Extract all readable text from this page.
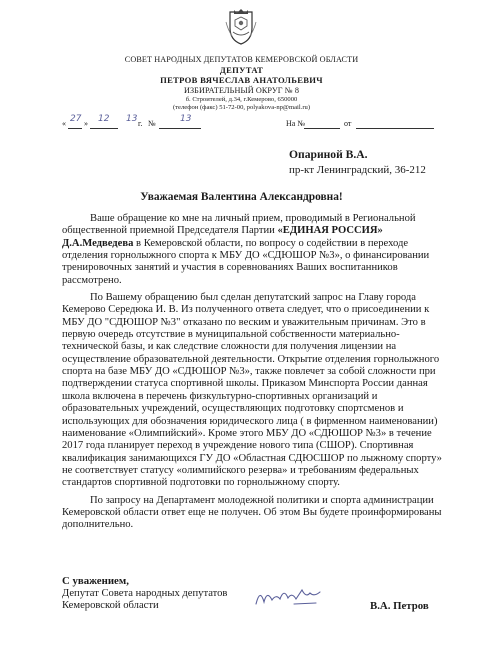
СОВЕТ НАРОДНЫХ ДЕПУТАТОВ КЕМЕРОВСКОЙ ОБЛАСТИ
ДЕПУТАТ
ПЕТРОВ ВЯЧЕСЛАВ АНАТОЛЬЕВИЧ
ИЗБИРАТЕЛЬНЫЙ ОКРУГ № 8
б. Строителей, д.34, г.Кемерово, 650000
(телефон (факс) 51-72-00, polyakova-np@mail.ru)
« 27 » 12 13 г. №	13	На №	от
Опариной В.А.
пр-кт Ленинградский, 36-212
Уважаемая Валентина Александровна!

Ваше обращение ко мне на личный прием, проводимый в Региональной общественной приемной Председателя Партии «ЕДИНАЯ РОССИЯ» Д.А.Медведева в Кемеровской области, по вопросу о содействии в переходе отделения горнолыжного спорта к МБУ ДО «СДЮШОР №3», о финансировании тренировочных занятий и участия в соревнованиях Ваших воспитанников рассмотрено.

По Вашему обращению был сделан депутатский запрос на Главу города Кемерово Середюка И. В. Из полученного ответа следует, что о присоединении к МБУ ДО "СДЮШОР №3" отказано по веским и уважительным причинам. Это в первую очередь отсутствие в муниципальной собственности материально-технической базы, и как следствие сложности для получения лицензии на осуществление образовательной деятельности. Открытие отделения горнолыжного спорта на базе МБУ ДО «СДЮШОР №3», также повлечет за собой сложности при подтверждении статуса спортивной школы. Приказом Минспорта России данная школа включена в перечень физкультурно-спортивных организаций и образовательных учреждений, осуществляющих подготовку спортсменов и использующих для обозначения юридического лица ( в фирменном наименовании) наименование «Олимпийский». Кроме этого МБУ ДО «СДЮШОР №3» в течение 2017 года планирует переход в учреждение нового типа (СШОР). Спортивная квалификация занимающихся ГУ ДО «Областная СДЮСШОР по лыжному спорту» не соответствует статусу «олимпийского резерва» и требованиям федеральных стандартов спортивной подготовки по горнолыжному спорту.

По запросу на Департамент молодежной политики и спорта администрации Кемеровской области ответ еще не получен. Об этом Вы будете проинформированы дополнительно.

С уважением,
Депутат Совета народных депутатов
Кемеровской области	В.А. Петров
